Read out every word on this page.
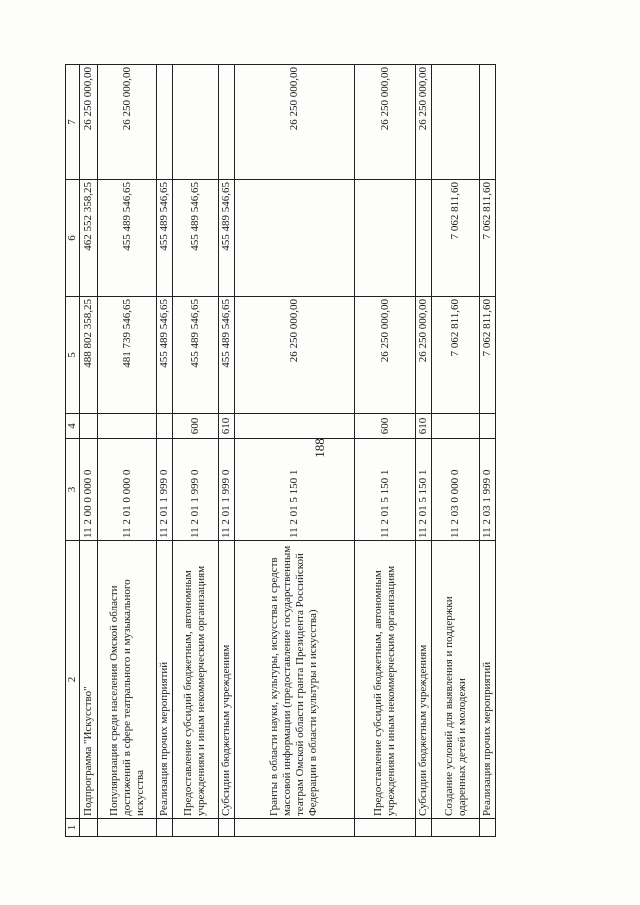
188
1	2	3	4	5	6	7
	Подпрограмма "Искусство"	11 2 00 0 000 0		488 802 358,25	462 552 358,25	26 250 000,00
	Популяризация среди населения Омской области достижений в сфере театрального и музыкального искусства	11 2 01 0 000 0		481 739 546,65	455 489 546,65	26 250 000,00
	Реализация прочих мероприятий	11 2 01 1 999 0		455 489 546,65	455 489 546,65	
	Предоставление субсидий бюджетным, автономным учреждениям и иным некоммерческим организациям	11 2 01 1 999 0	600	455 489 546,65	455 489 546,65	
	Субсидии бюджетным учреждениям	11 2 01 1 999 0	610	455 489 546,65	455 489 546,65	
	Гранты в области науки, культуры, искусства и средств массовой информации (предоставление государственным театрам Омской области гранта Президента Российской Федерации в области культуры и искусства)	11 2 01 5 150 1		26 250 000,00		26 250 000,00
	Предоставление субсидий бюджетным, автономным учреждениям и иным некоммерческим организациям	11 2 01 5 150 1	600	26 250 000,00		26 250 000,00
	Субсидии бюджетным учреждениям	11 2 01 5 150 1	610	26 250 000,00		26 250 000,00
	Создание условий для выявления и поддержки одаренных детей и молодежи	11 2 03 0 000 0		7 062 811,60	7 062 811,60	
	Реализация прочих мероприятий	11 2 03 1 999 0		7 062 811,60	7 062 811,60	
